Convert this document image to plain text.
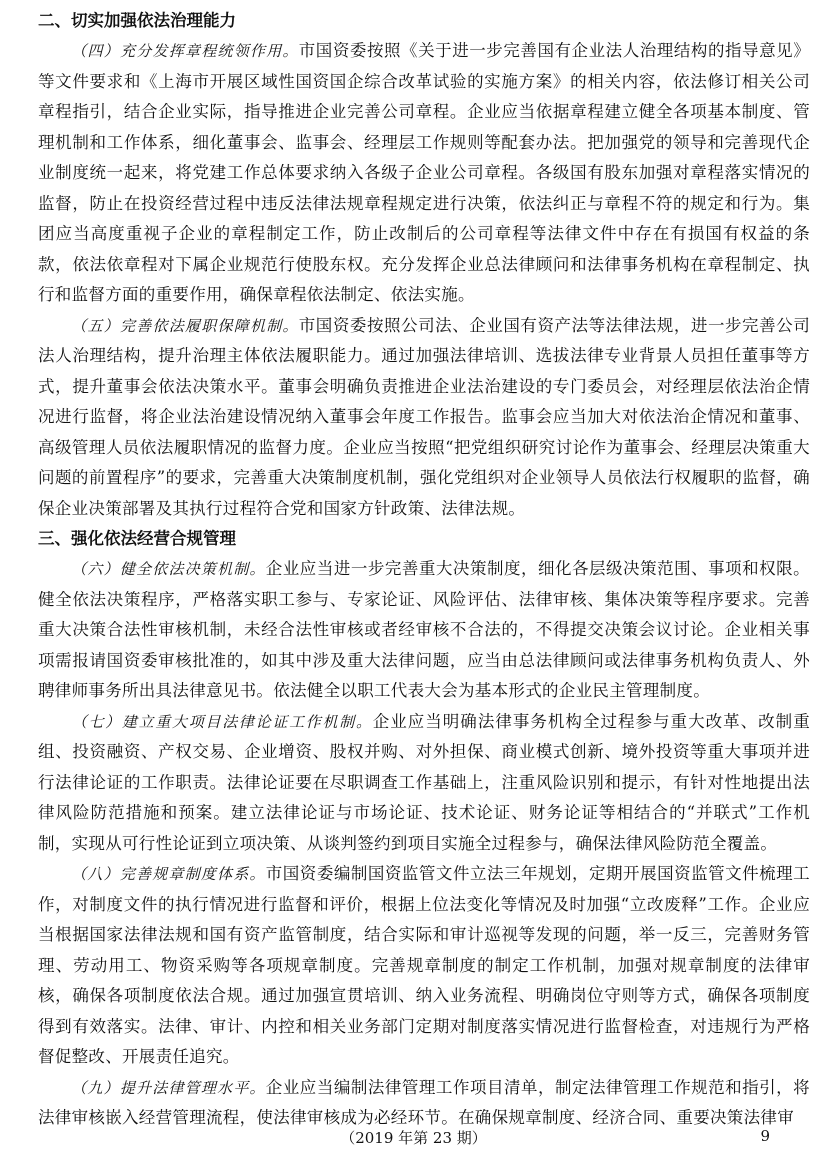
二、切实加强依法治理能力

（四）充分发挥章程统领作用。市国资委按照《关于进一步完善国有企业法人治理结构的指导意见》等文件要求和《上海市开展区域性国资国企综合改革试验的实施方案》的相关内容，依法修订相关公司章程指引，结合企业实际，指导推进企业完善公司章程。企业应当依据章程建立健全各项基本制度、管理机制和工作体系，细化董事会、监事会、经理层工作规则等配套办法。把加强党的领导和完善现代企业制度统一起来，将党建工作总体要求纳入各级子企业公司章程。各级国有股东加强对章程落实情况的监督，防止在投资经营过程中违反法律法规章程规定进行决策，依法纠正与章程不符的规定和行为。集团应当高度重视子企业的章程制定工作，防止改制后的公司章程等法律文件中存在有损国有权益的条款，依法依章程对下属企业规范行使股东权。充分发挥企业总法律顾问和法律事务机构在章程制定、执行和监督方面的重要作用，确保章程依法制定、依法实施。

（五）完善依法履职保障机制。市国资委按照公司法、企业国有资产法等法律法规，进一步完善公司法人治理结构，提升治理主体依法履职能力。通过加强法律培训、选拔法律专业背景人员担任董事等方式，提升董事会依法决策水平。董事会明确负责推进企业法治建设的专门委员会，对经理层依法治企情况进行监督，将企业法治建设情况纳入董事会年度工作报告。监事会应当加大对依法治企情况和董事、高级管理人员依法履职情况的监督力度。企业应当按照“把党组织研究讨论作为董事会、经理层决策重大问题的前置程序”的要求，完善重大决策制度机制，强化党组织对企业领导人员依法行权履职的监督，确保企业决策部署及其执行过程符合党和国家方针政策、法律法规。

三、强化依法经营合规管理

（六）健全依法决策机制。企业应当进一步完善重大决策制度，细化各层级决策范围、事项和权限。健全依法决策程序，严格落实职工参与、专家论证、风险评估、法律审核、集体决策等程序要求。完善重大决策合法性审核机制，未经合法性审核或者经审核不合法的，不得提交决策会议讨论。企业相关事项需报请国资委审核批准的，如其中涉及重大法律问题，应当由总法律顾问或法律事务机构负责人、外聘律师事务所出具法律意见书。依法健全以职工代表大会为基本形式的企业民主管理制度。

（七）建立重大项目法律论证工作机制。企业应当明确法律事务机构全过程参与重大改革、改制重组、投资融资、产权交易、企业增资、股权并购、对外担保、商业模式创新、境外投资等重大事项并进行法律论证的工作职责。法律论证要在尽职调查工作基础上，注重风险识别和提示，有针对性地提出法律风险防范措施和预案。建立法律论证与市场论证、技术论证、财务论证等相结合的“并联式”工作机制，实现从可行性论证到立项决策、从谈判签约到项目实施全过程参与，确保法律风险防范全覆盖。

（八）完善规章制度体系。市国资委编制国资监管文件立法三年规划，定期开展国资监管文件梳理工作，对制度文件的执行情况进行监督和评价，根据上位法变化等情况及时加强“立改废释”工作。企业应当根据国家法律法规和国有资产监管制度，结合实际和审计巡视等发现的问题，举一反三，完善财务管理、劳动用工、物资采购等各项规章制度。完善规章制度的制定工作机制，加强对规章制度的法律审核，确保各项制度依法合规。通过加强宣贯培训、纳入业务流程、明确岗位守则等方式，确保各项制度得到有效落实。法律、审计、内控和相关业务部门定期对制度落实情况进行监督检查，对违规行为严格督促整改、开展责任追究。

（九）提升法律管理水平。企业应当编制法律管理工作项目清单，制定法律管理工作规范和指引，将法律审核嵌入经营管理流程，使法律审核成为必经环节。在确保规章制度、经济合同、重要决策法律审

（2019 年第 23 期）	9
